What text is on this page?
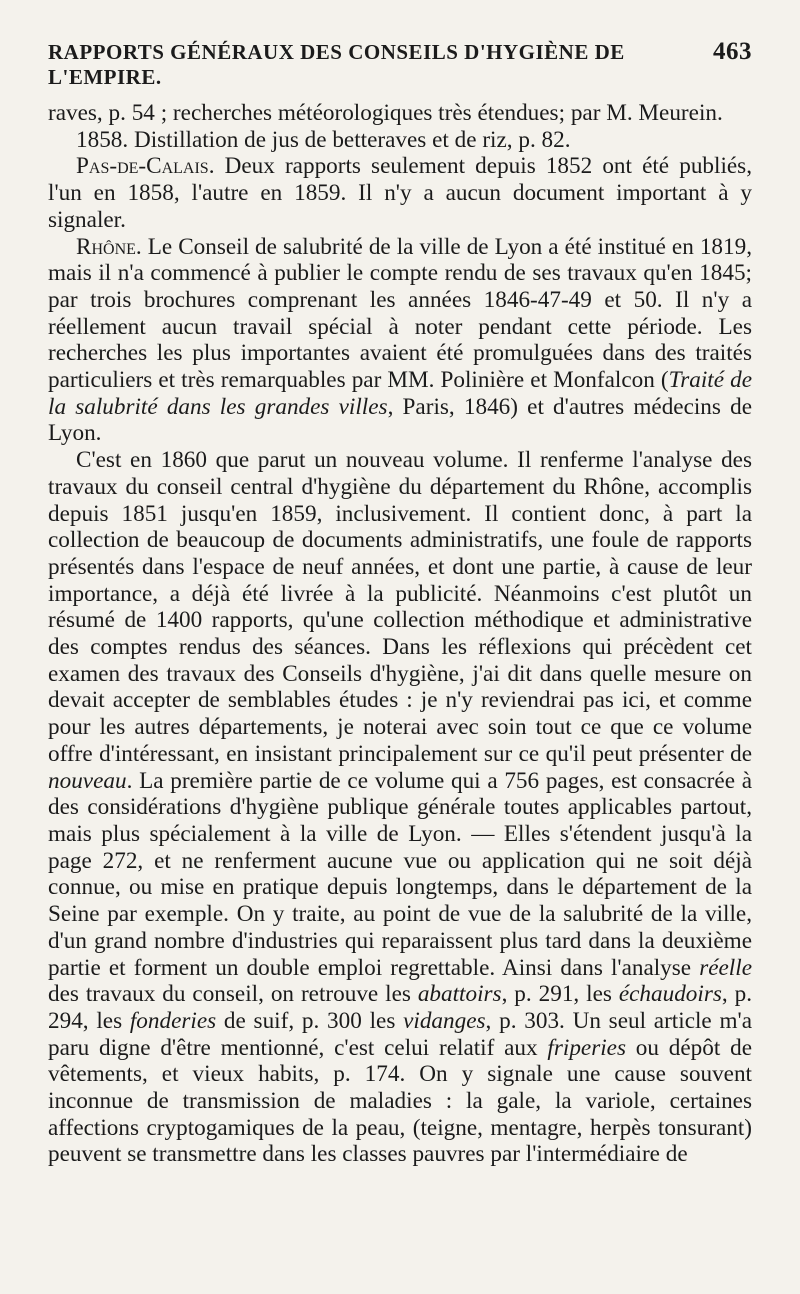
RAPPORTS GÉNÉRAUX DES CONSEILS D'HYGIÈNE DE L'EMPIRE.
463

raves, p. 54 ; recherches météorologiques très étendues; par M. Meurein.

1858. Distillation de jus de betteraves et de riz, p. 82.

Pas-de-Calais. Deux rapports seulement depuis 1852 ont été publiés, l'un en 1858, l'autre en 1859. Il n'y a aucun document important à y signaler.

Rhône. Le Conseil de salubrité de la ville de Lyon a été institué en 1819, mais il n'a commencé à publier le compte rendu de ses travaux qu'en 1845; par trois brochures comprenant les années 1846-47-49 et 50. Il n'y a réellement aucun travail spécial à noter pendant cette période. Les recherches les plus importantes avaient été promulguées dans des traités particuliers et très remarquables par MM. Polinière et Monfalcon (Traité de la salubrité dans les grandes villes, Paris, 1846) et d'autres médecins de Lyon.

C'est en 1860 que parut un nouveau volume. Il renferme l'analyse des travaux du conseil central d'hygiène du département du Rhône, accomplis depuis 1851 jusqu'en 1859, inclusivement. Il contient donc, à part la collection de beaucoup de documents administratifs, une foule de rapports présentés dans l'espace de neuf années, et dont une partie, à cause de leur importance, a déjà été livrée à la publicité. Néanmoins c'est plutôt un résumé de 1400 rapports, qu'une collection méthodique et administrative des comptes rendus des séances. Dans les réflexions qui précèdent cet examen des travaux des Conseils d'hygiène, j'ai dit dans quelle mesure on devait accepter de semblables études : je n'y reviendrai pas ici, et comme pour les autres départements, je noterai avec soin tout ce que ce volume offre d'intéressant, en insistant principalement sur ce qu'il peut présenter de nouveau. La première partie de ce volume qui a 756 pages, est consacrée à des considérations d'hygiène publique générale toutes applicables partout, mais plus spécialement à la ville de Lyon. — Elles s'étendent jusqu'à la page 272, et ne renferment aucune vue ou application qui ne soit déjà connue, ou mise en pratique depuis longtemps, dans le département de la Seine par exemple. On y traite, au point de vue de la salubrité de la ville, d'un grand nombre d'industries qui reparaissent plus tard dans la deuxième partie et forment un double emploi regrettable. Ainsi dans l'analyse réelle des travaux du conseil, on retrouve les abattoirs, p. 291, les échaudoirs, p. 294, les fonderies de suif, p. 300 les vidanges, p. 303. Un seul article m'a paru digne d'être mentionné, c'est celui relatif aux friperies ou dépôt de vêtements, et vieux habits, p. 174. On y signale une cause souvent inconnue de transmission de maladies : la gale, la variole, certaines affections cryptogamiques de la peau, (teigne, mentagre, herpès tonsurant) peuvent se transmettre dans les classes pauvres par l'intermédiaire de
